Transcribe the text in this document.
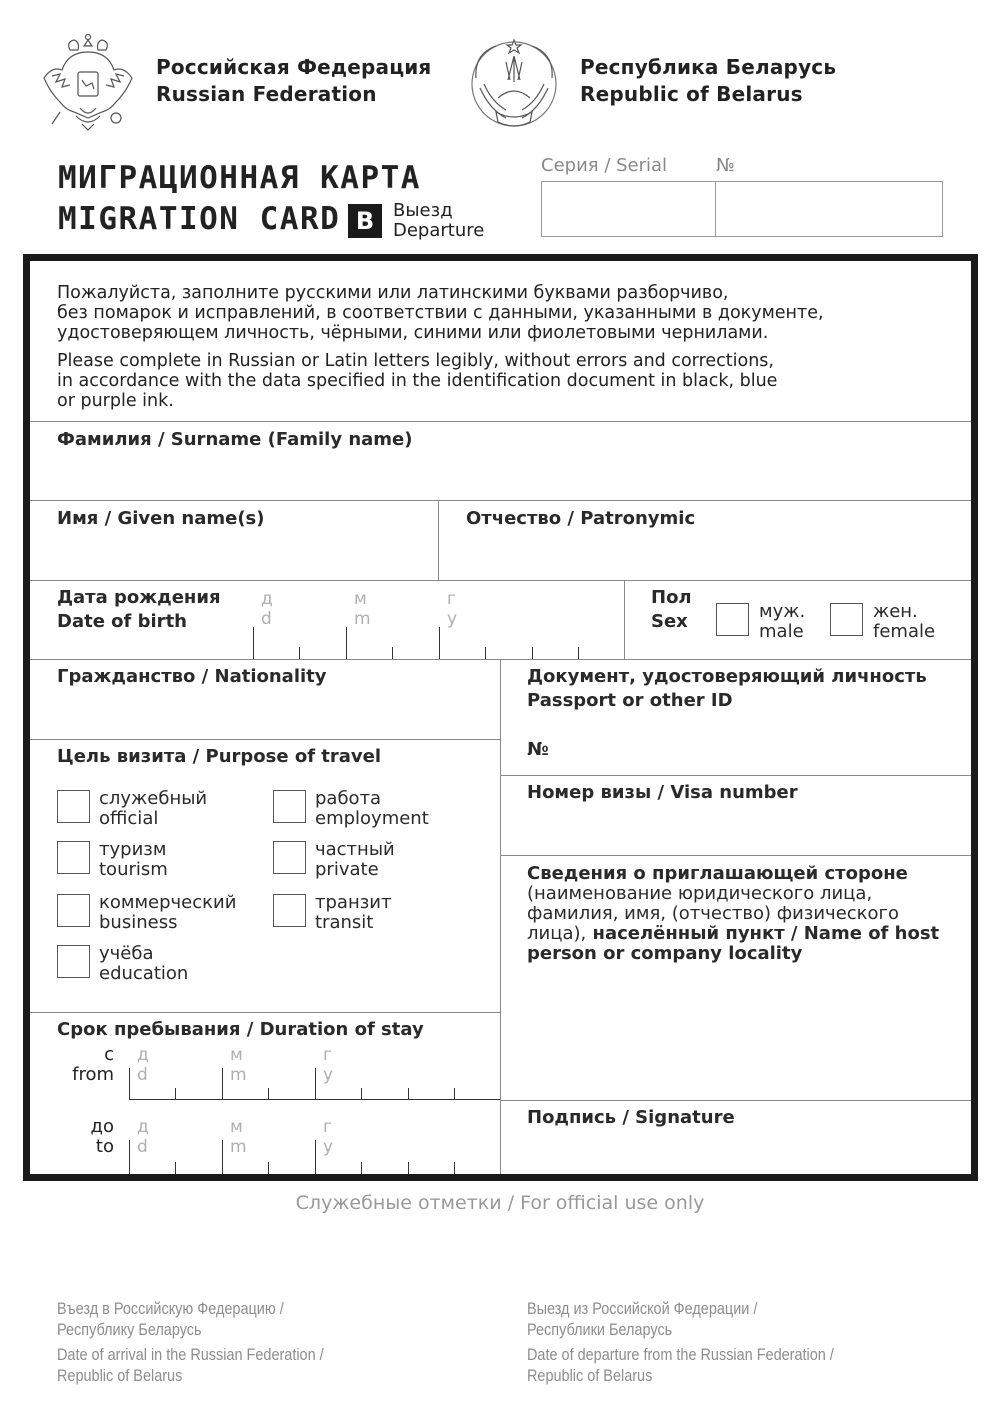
Российская Федерация
Russian Federation
Республика Беларусь
Republic of Belarus
МИГРАЦИОННАЯ КАРТА
MIGRATION CARD B	Выезд
Departure
Серия / Serial	№
Пожалуйста, заполните русскими или латинскими буквами разборчиво,
без помарок и исправлений, в соответствии с данными, указанными в документе,
удостоверяющем личность, чёрными, синими или фиолетовыми чернилами.
Please complete in Russian or Latin letters legibly, without errors and corrections,
in accordance with the data specified in the identification document in black, blue
or purple ink.
Фамилия / Surname (Family name)
Имя / Given name(s)	Отчество / Patronymic
Дата рождения
Date of birth
д
d
м
m
г
y
Пол
Sex	муж.
male
жен.
female
Гражданство / Nationality	Документ, удостоверяющий личность
Passport or other ID
№
Цель визита / Purpose of travel
служебный
official
работа
employment
туризм
tourism
частный
private
коммерческий
business
транзит
transit
учёба
education
Номер визы / Visa number
Сведения о приглашающей стороне
(наименование юридического лица,
фамилия, имя, (отчество) физического
лица), населённый пункт / Name of host
person or company locality
Срок пребывания / Duration of stay
с
from
д
d
м
m
г
y
до
to
д
d
м
m
г
y
Подпись / Signature
Служебные отметки / For official use only
Въезд в Российскую Федерацию /
Республику Беларусь
Date of arrival in the Russian Federation /
Republic of Belarus
Выезд из Российской Федерации /
Республики Беларусь
Date of departure from the Russian Federation /
Republic of Belarus
